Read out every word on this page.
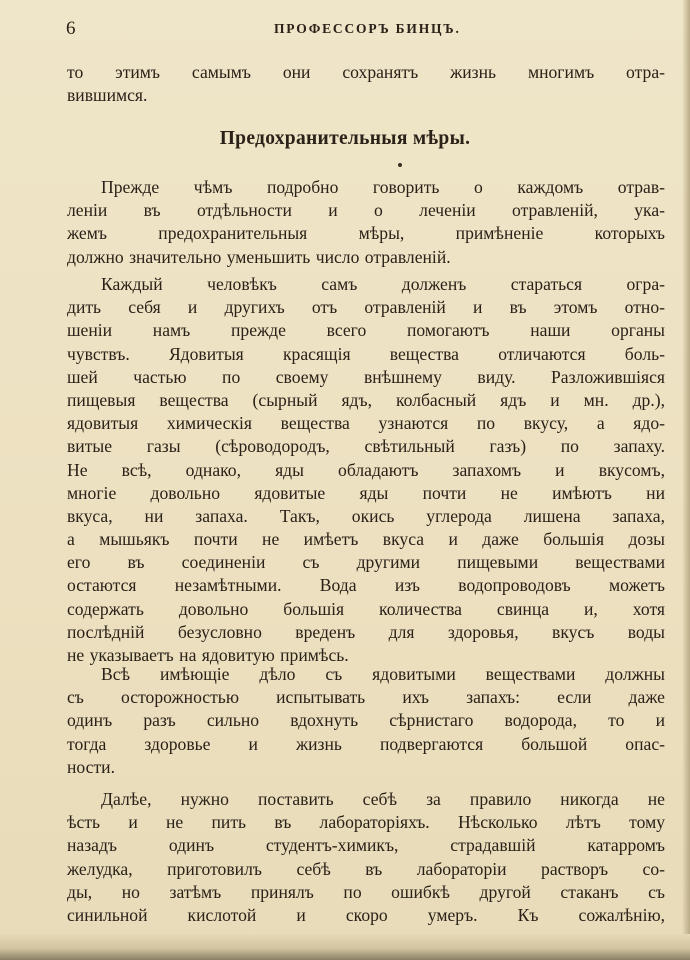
6	ПРОФЕССОРЪ БИНЦЪ.
то этимъ самымъ они сохранятъ жизнь многимъ отра-
вившимся.
Предохранительныя мѣры.
Прежде чѣмъ подробно говорить о каждомъ отрав-
леніи въ отдѣльности и о леченіи отравленій, ука-
жемъ предохранительныя мѣры, примѣненіе которыхъ
должно значительно уменьшить число отравленій.
Каждый человѣкъ самъ долженъ стараться огра-
дить себя и другихъ отъ отравленій и въ этомъ отно-
шеніи намъ прежде всего помогаютъ наши органы
чувствъ. Ядовитыя красящія вещества отличаются боль-
шей частью по своему внѣшнему виду. Разложившіяся
пищевыя вещества (сырный ядъ, колбасный ядъ и мн. др.),
ядовитыя химическія вещества узнаются по вкусу, а ядо-
витые газы (сѣроводородъ, свѣтильный газъ) по запаху.
Не всѣ, однако, яды обладаютъ запахомъ и вкусомъ,
многіе довольно ядовитые яды почти не имѣютъ ни
вкуса, ни запаха. Такъ, окись углерода лишена запаха,
а мышьякъ почти не имѣетъ вкуса и даже большія дозы
его въ соединеніи съ другими пищевыми веществами
остаются незамѣтными. Вода изъ водопроводовъ можетъ
содержать довольно большія количества свинца и, хотя
послѣдній безусловно вреденъ для здоровья, вкусъ воды
не указываетъ на ядовитую примѣсь.
Всѣ имѣющіе дѣло съ ядовитыми веществами должны
съ осторожностью испытывать ихъ запахъ: если даже
одинъ разъ сильно вдохнуть сѣрнистаго водорода, то и
тогда здоровье и жизнь подвергаются большой опас-
ности.
Далѣе, нужно поставить себѣ за правило никогда не
ѣсть и не пить въ лабораторіяхъ. Нѣсколько лѣтъ тому
назадъ одинъ студентъ-химикъ, страдавшій катарромъ
желудка, приготовилъ себѣ въ лабораторіи растворъ со-
ды, но затѣмъ принялъ по ошибкѣ другой стаканъ съ
синильной кислотой и скоро умеръ. Къ сожалѣнію,
